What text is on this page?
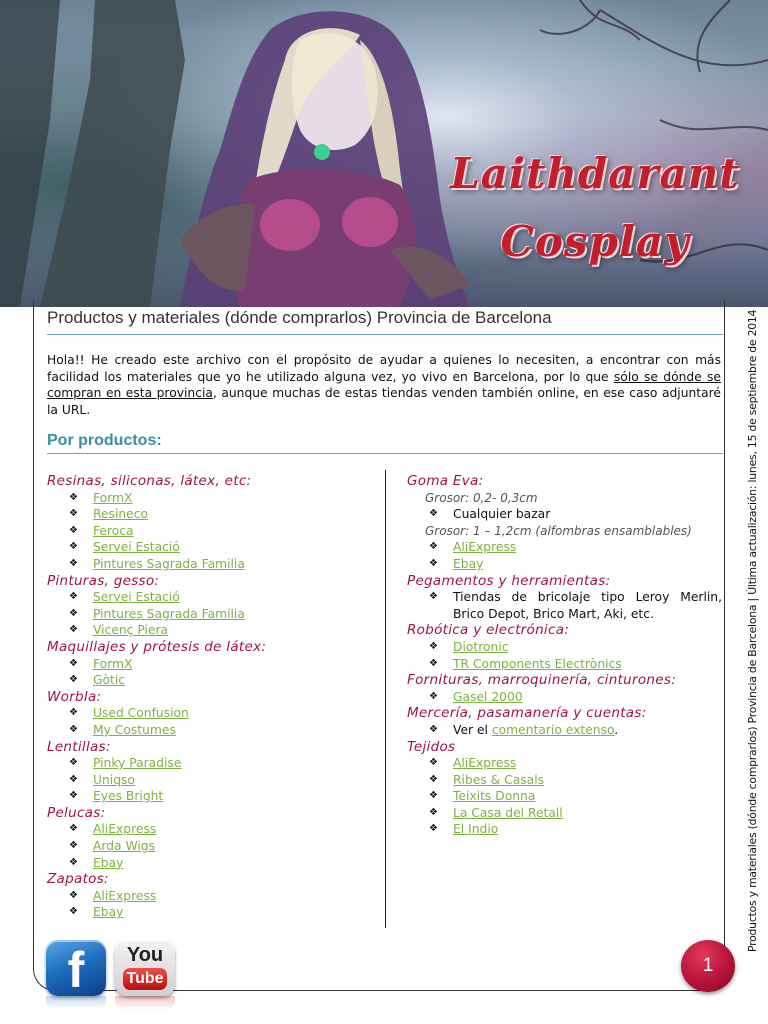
Laithdarant Cosplay
Productos y materiales (dónde comprarlos) Provincia de Barcelona
Hola!! He creado este archivo con el propósito de ayudar a quienes lo necesiten, a encontrar con más facilidad los materiales que yo he utilizado alguna vez, yo vivo en Barcelona, por lo que sólo se dónde se compran en esta provincia, aunque muchas de estas tiendas venden también online, en ese caso adjuntaré la URL.
Por productos:
Resinas, siliconas, látex, etc:
❖ FormX
❖ Resineco
❖ Feroca
❖ Servei Estació
❖ Pintures Sagrada Familia
Pinturas, gesso:
❖ Servei Estació
❖ Pintures Sagrada Familia
❖ Vicenç Piera
Maquillajes y prótesis de látex:
❖ FormX
❖ Gòtic
Worbla:
❖ Used Confusion
❖ My Costumes
Lentillas:
❖ Pinky Paradise
❖ Uniqso
❖ Eyes Bright
Pelucas:
❖ AliExpress
❖ Arda Wigs
❖ Ebay
Zapatos:
❖ AliExpress
❖ Ebay
Goma Eva:
Grosor: 0,2- 0,3cm
❖ Cualquier bazar
Grosor: 1 – 1,2cm (alfombras ensamblables)
❖ AliExpress
❖ Ebay
Pegamentos y herramientas:
❖ Tiendas de bricolaje tipo Leroy Merlin, Brico Depot, Brico Mart, Aki, etc.
Robótica y electrónica:
❖ Diotronic
❖ TR Components Electrònics
Fornituras, marroquinería, cinturones:
❖ Gasel 2000
Mercería, pasamanería y cuentas:
❖ Ver el comentario extenso.
Tejidos
❖ AliExpress
❖ Ribes & Casals
❖ Teixits Donna
❖ La Casa del Retall
❖ El Indio	Productos y materiales (dónde comprarlos) Provincia de Barcelona | Última actualización: lunes, 15 de septiembre de 2014
f	You
Tube
1
